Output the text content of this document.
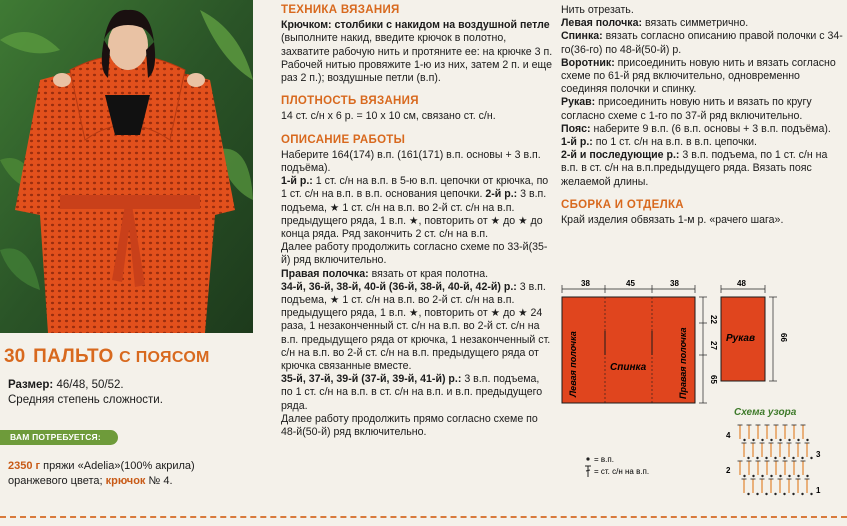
30 ПАЛЬТО С ПОЯСОМ
Размер: 46/48, 50/52.
Средняя степень сложности.
ВАМ ПОТРЕБУЕТСЯ:
2350 г пряжи «Adelia»(100% акрила) оранжевого цвета; крючок № 4.
ТЕХНИКА ВЯЗАНИЯ
Крючком: столбики с накидом на воздушной петле (выполните накид, введите крючок в полотно, захватите рабочую нить и протяните ее: на крючке 3 п. Рабочей нитью провяжите 1-ю из них, затем 2 п. и еще раз 2 п.); воздушные петли (в.п).
ПЛОТНОСТЬ ВЯЗАНИЯ
14 ст. с/н х 6 р. = 10 х 10 см, связано ст. с/н.
ОПИСАНИЕ РАБОТЫ

Наберите 164(174) в.п. (161(171) в.п. основы + 3 в.п. подъёма).

1-й р.: 1 ст. с/н на в.п. в 5-ю в.п. цепочки от крючка, по 1 ст. с/н на в.п. в в.п. основания цепочки. 2-й р.: 3 в.п. подъема, ★ 1 ст. с/н на в.п. во 2-й ст. с/н на в.п. предыдущего ряда, 1 в.п. ★, повторить от ★ до ★ до конца ряда. Ряд закончить 2 ст. с/н на в.п.

Далее работу продолжить согласно схеме по 33-й(35-й) ряд включительно.

Правая полочка: вязать от края полотна.

34-й, 36-й, 38-й, 40-й (36-й, 38-й, 40-й, 42-й) р.: 3 в.п. подъема, ★ 1 ст. с/н на в.п. во 2-й ст. с/н на в.п. предыдущего ряда, 1 в.п. ★, повторить от ★ до ★ 24 раза, 1 незаконченный ст. с/н на в.п. во 2-й ст. с/н на в.п. предыдущего ряда от крючка, 1 незаконченный ст. с/н на в.п. во 2-й ст. с/н на в.п. предыдущего ряда от крючка связанные вместе.

35-й, 37-й, 39-й (37-й, 39-й, 41-й) р.: 3 в.п. подъема, по 1 ст. с/н на в.п. в ст. с/н на в.п. и в.п. предыдущего ряда.

Далее работу продолжить прямо согласно схеме по 48-й(50-й) ряд включительно.

Нить отрезать.

Левая полочка: вязать симметрично.

Спинка: вязать согласно описанию правой полочки с 34-го(36-го) по 48-й(50-й) р.

Воротник: присоединить новую нить и вязать согласно схеме по 61-й ряд включительно, одновременно соединяя полочки и спинку.

Рукав: присоединить новую нить и вязать по кругу согласно схеме с 1-го по 37-й ряд включительно.

Пояс: наберите 9 в.п. (6 в.п. основы + 3 в.п. подъёма).

1-й р.: по 1 ст. с/н на в.п. в в.п. цепочки.

2-й и последующие р.: 3 в.п. подъема, по 1 ст. с/н на в.п. в ст. с/н на в.п.предыдущего ряда. Вязать пояс желаемой длины.

СБОРКА И ОТДЕЛКА

Край изделия обвязать 1-м р. «рачего шага».

38	45	38
Левая полочка	Спинка	Правая полочка
22
27
65
48
Рукав	66
Схема узора
= в.п.
= ст. с/н на в.п.
4
3
2
1
